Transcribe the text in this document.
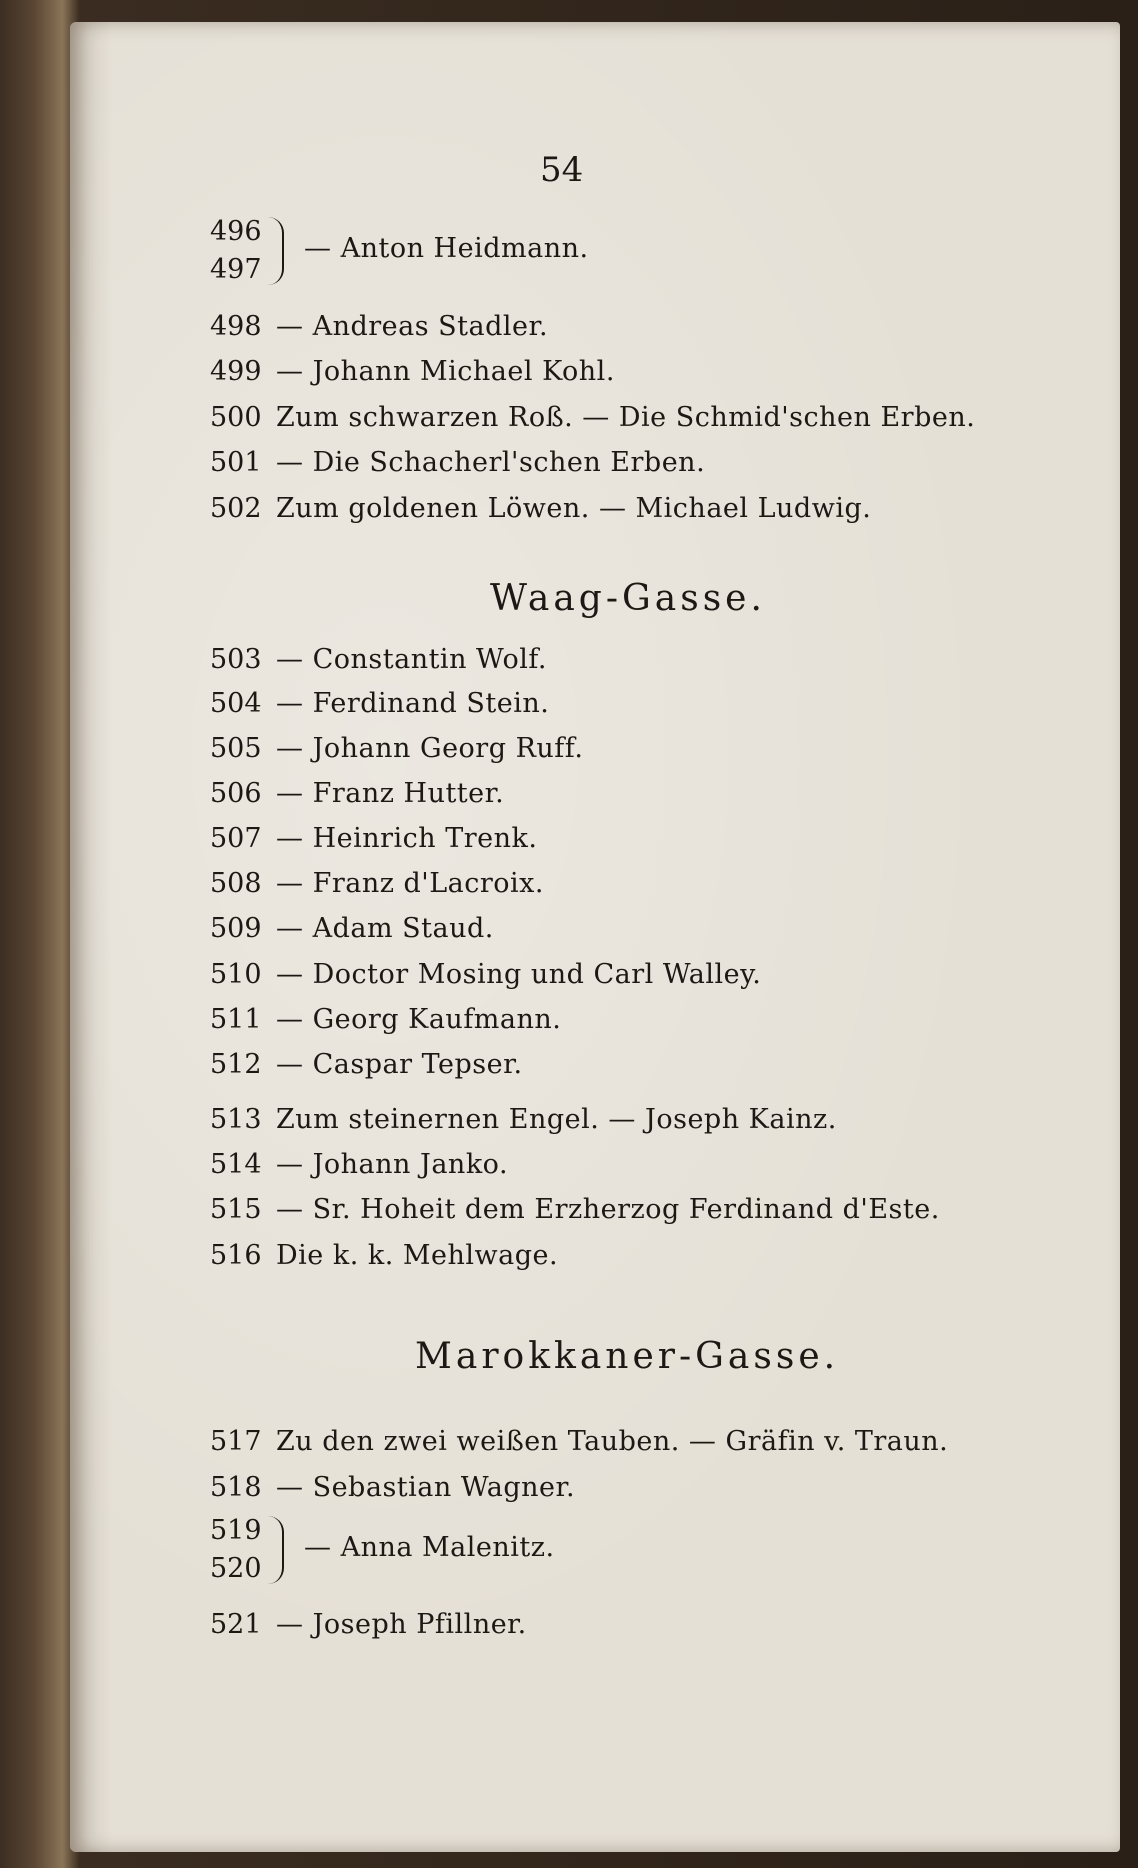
54
496
497
— Anton Heidmann.
498 — Andreas Stadler.
499 — Johann Michael Kohl.
500 Zum schwarzen Roß. — Die Schmid'schen Erben.
501 — Die Schacherl'schen Erben.
502 Zum goldenen Löwen. — Michael Ludwig.
Waag-Gasse.
503 — Constantin Wolf.
504 — Ferdinand Stein.
505 — Johann Georg Ruff.
506 — Franz Hutter.
507 — Heinrich Trenk.
508 — Franz d'Lacroix.
509 — Adam Staud.
510 — Doctor Mosing und Carl Walley.
511 — Georg Kaufmann.
512 — Caspar Tepser.
513 Zum steinernen Engel. — Joseph Kainz.
514 — Johann Janko.
515 — Sr. Hoheit dem Erzherzog Ferdinand d'Este.
516 Die k. k. Mehlwage.
Marokkaner-Gasse.
517 Zu den zwei weißen Tauben. — Gräfin v. Traun.
518 — Sebastian Wagner.
519
520
— Anna Malenitz.
521 — Joseph Pfillner.
